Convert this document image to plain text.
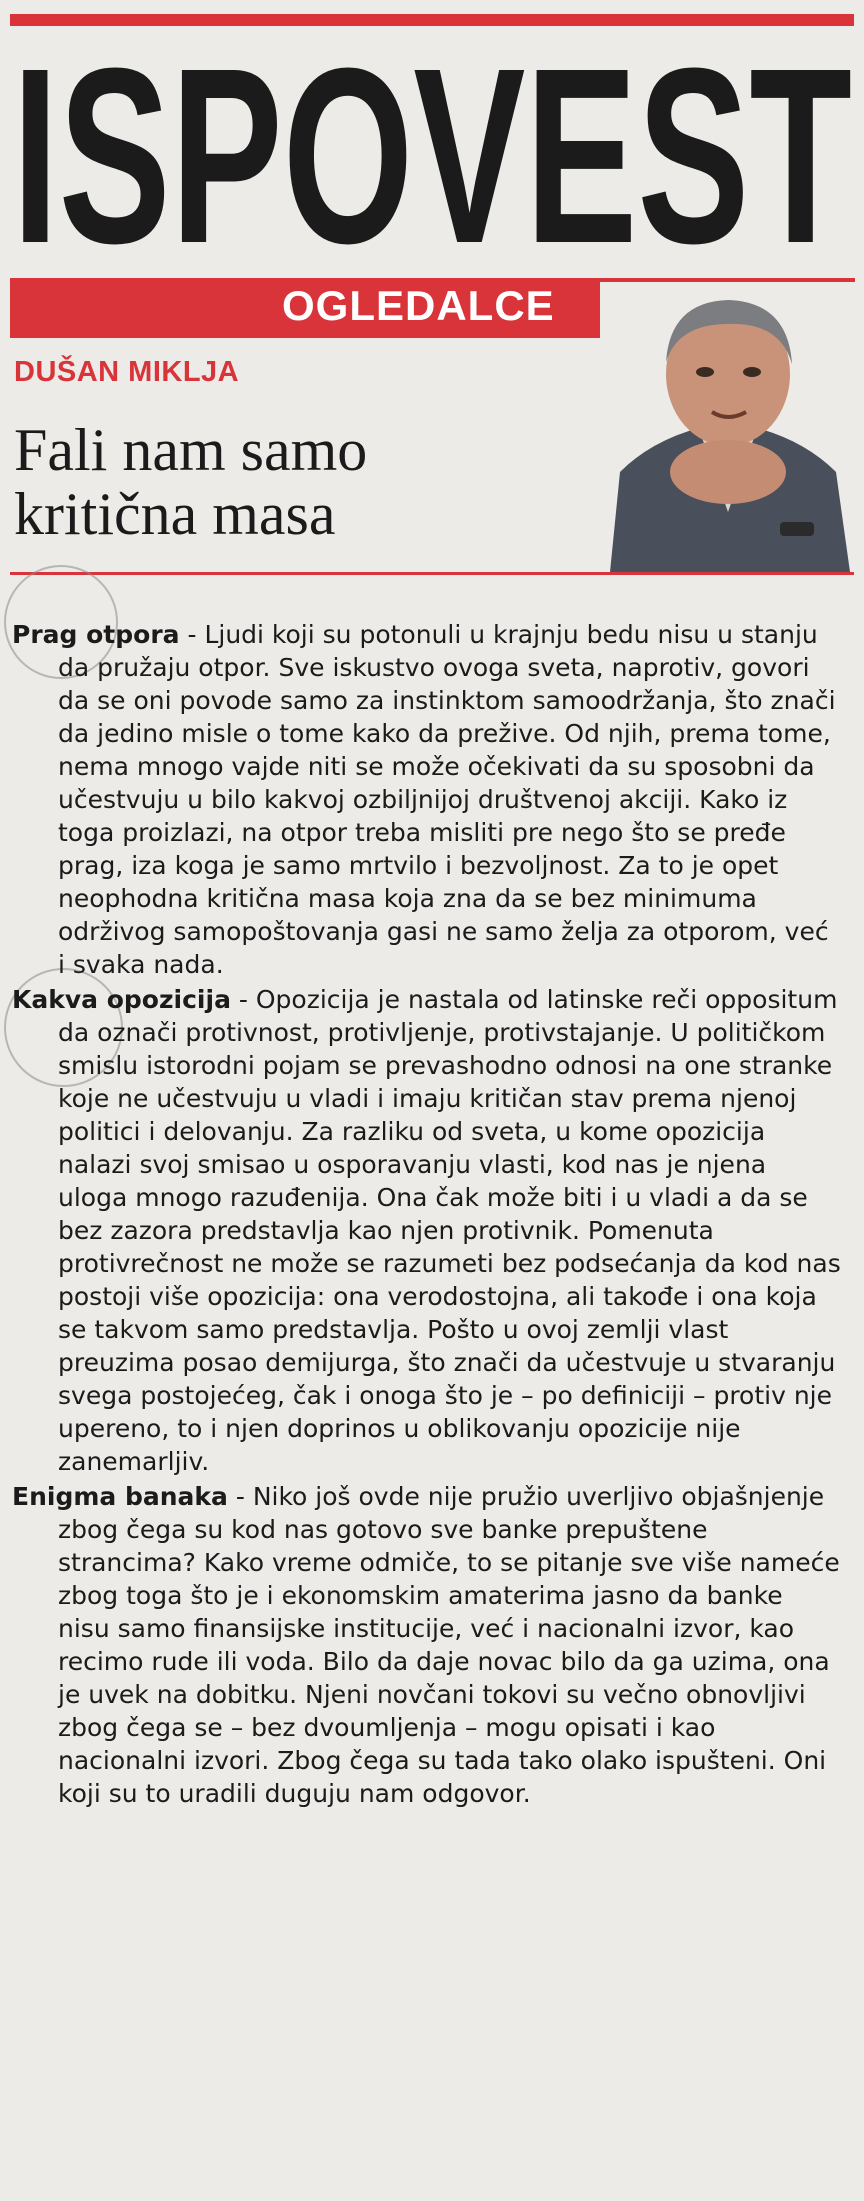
ISPOVEST
OGLEDALCE
DUŠAN MIKLJA
Fali nam samo kritična masa

Prag otpora - Ljudi koji su potonuli u krajnju bedu nisu u stanju da pružaju otpor. Sve iskustvo ovoga sveta, naprotiv, govori da se oni povode samo za instinktom samoodržanja, što znači da jedino misle o tome kako da prežive. Od njih, prema tome, nema mnogo vajde niti se može očekivati da su sposobni da učestvuju u bilo kakvoj ozbiljnijoj društvenoj akciji. Kako iz toga proizlazi, na otpor treba misliti pre nego što se pređe prag, iza koga je samo mrtvilo i bezvoljnost. Za to je opet neophodna kritična masa koja zna da se bez minimuma održivog samopoštovanja gasi ne samo želja za otporom, već i svaka nada.

Kakva opozicija - Opozicija je nastala od latinske reči oppositum da označi protivnost, protivljenje, protivstajanje. U političkom smislu istorodni pojam se prevashodno odnosi na one stranke koje ne učestvuju u vladi i imaju kritičan stav prema njenoj politici i delovanju. Za razliku od sveta, u kome opozicija nalazi svoj smisao u osporavanju vlasti, kod nas je njena uloga mnogo razuđenija. Ona čak može biti i u vladi a da se bez zazora predstavlja kao njen protivnik. Pomenuta protivrečnost ne može se razumeti bez podsećanja da kod nas postoji više opozicija: ona verodostojna, ali takođe i ona koja se takvom samo predstavlja. Pošto u ovoj zemlji vlast preuzima posao demijurga, što znači da učestvuje u stvaranju svega postojećeg, čak i onoga što je – po definiciji – protiv nje upereno, to i njen doprinos u oblikovanju opozicije nije zanemarljiv.

Enigma banaka - Niko još ovde nije pružio uverljivo objašnjenje zbog čega su kod nas gotovo sve banke prepuštene strancima? Kako vreme odmiče, to se pitanje sve više nameće zbog toga što je i ekonomskim amaterima jasno da banke nisu samo finansijske institucije, već i nacionalni izvor, kao recimo rude ili voda. Bilo da daje novac bilo da ga uzima, ona je uvek na dobitku. Njeni novčani tokovi su večno obnovljivi zbog čega se – bez dvoumljenja – mogu opisati i kao nacionalni izvori. Zbog čega su tada tako olako ispušteni. Oni koji su to uradili duguju nam odgovor.
